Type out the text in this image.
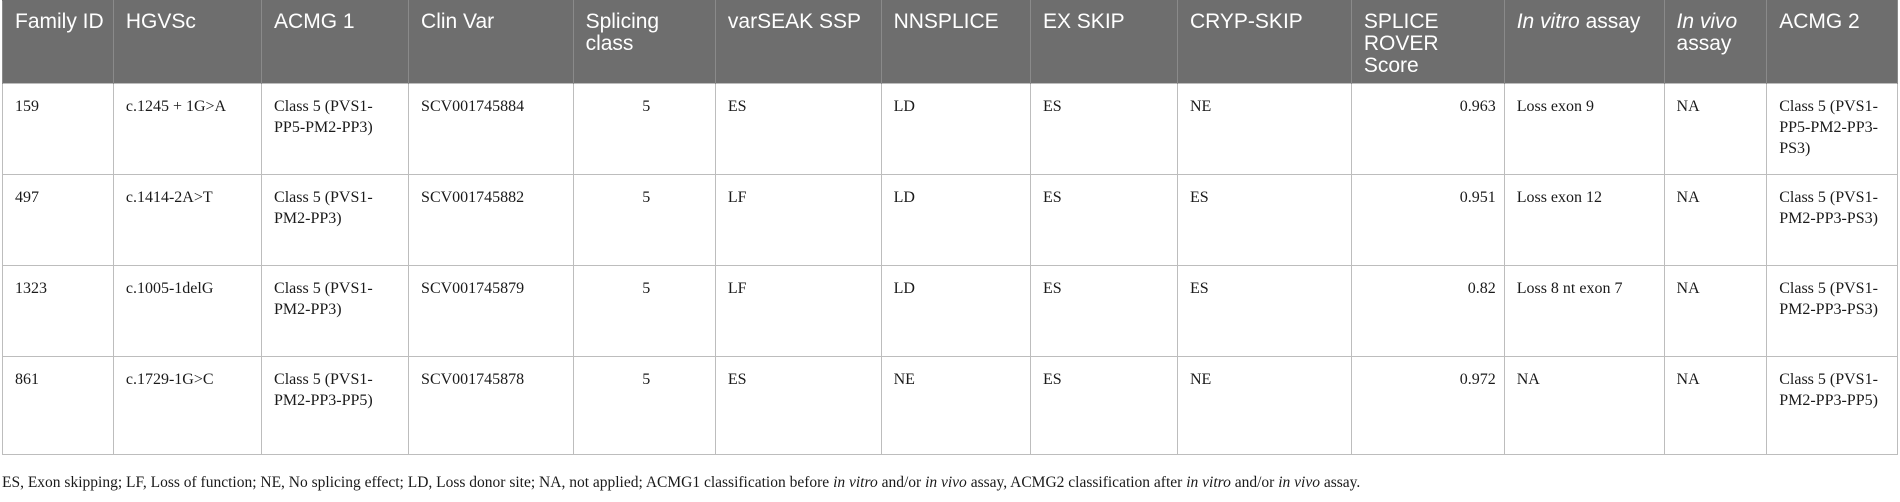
Family ID	HGVSc	ACMG 1	Clin Var	Splicing class	varSEAK SSP	NNSPLICE	EX SKIP	CRYP-SKIP	SPLICE ROVER Score	In vitro assay	In vivo assay	ACMG 2
159	c.1245 + 1G>A	Class 5 (PVS1-PP5-PM2-PP3)	SCV001745884	5	ES	LD	ES	NE	0.963	Loss exon 9	NA	Class 5 (PVS1-PP5-PM2-PP3-PS3)
497	c.1414-2A>T	Class 5 (PVS1-PM2-PP3)	SCV001745882	5	LF	LD	ES	ES	0.951	Loss exon 12	NA	Class 5 (PVS1-PM2-PP3-PS3)
1323	c.1005-1delG	Class 5 (PVS1-PM2-PP3)	SCV001745879	5	LF	LD	ES	ES	0.82	Loss 8 nt exon 7	NA	Class 5 (PVS1-PM2-PP3-PS3)
861	c.1729-1G>C	Class 5 (PVS1-PM2-PP3-PP5)	SCV001745878	5	ES	NE	ES	NE	0.972	NA	NA	Class 5 (PVS1-PM2-PP3-PP5)
ES, Exon skipping; LF, Loss of function; NE, No splicing effect; LD, Loss donor site; NA, not applied; ACMG1 classification before in vitro and/or in vivo assay, ACMG2 classification after in vitro and/or in vivo assay.
